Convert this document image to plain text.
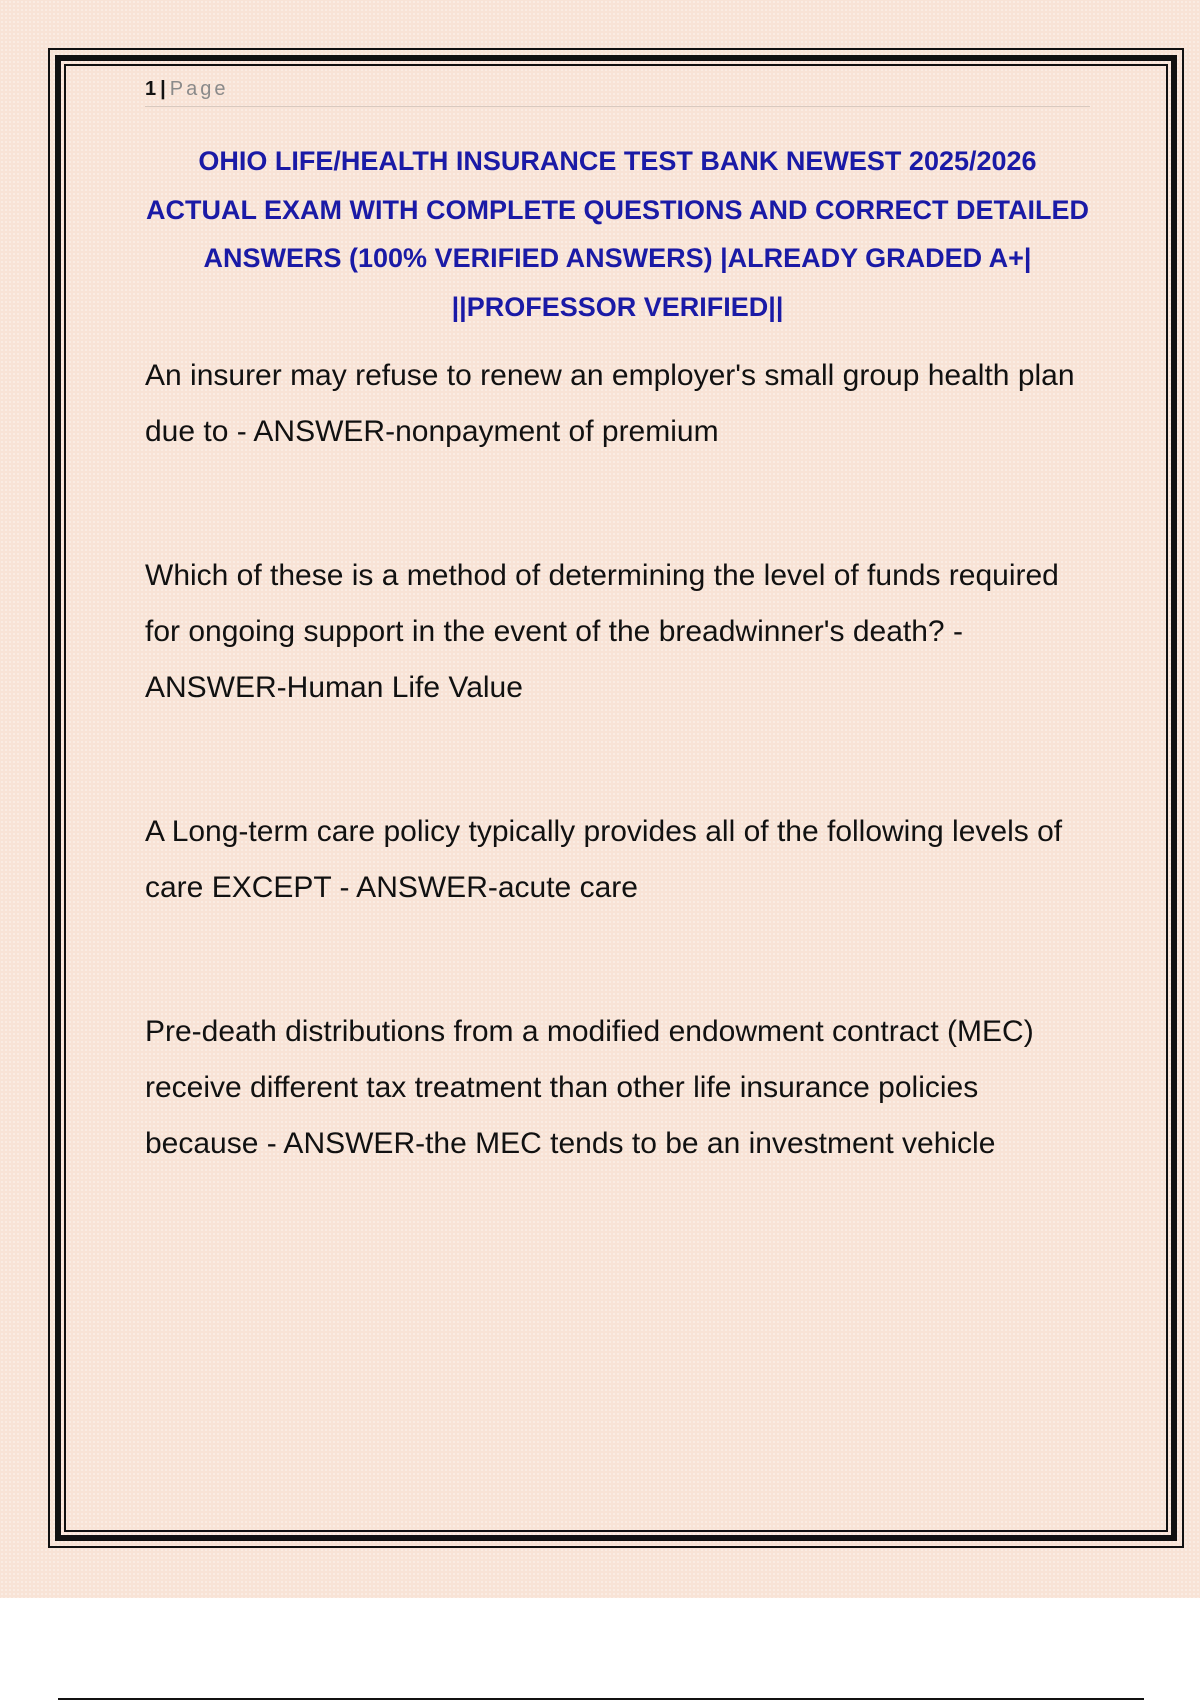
1 | Page
OHIO LIFE/HEALTH INSURANCE TEST BANK NEWEST 2025/2026 ACTUAL EXAM WITH COMPLETE QUESTIONS AND CORRECT DETAILED ANSWERS (100% VERIFIED ANSWERS) |ALREADY GRADED A+| ||PROFESSOR VERIFIED||

An insurer may refuse to renew an employer's small group health plan due to - ANSWER-nonpayment of premium

Which of these is a method of determining the level of funds required for ongoing support in the event of the breadwinner's death? - ANSWER-Human Life Value

A Long-term care policy typically provides all of the following levels of care EXCEPT - ANSWER-acute care

Pre-death distributions from a modified endowment contract (MEC) receive different tax treatment than other life insurance policies because - ANSWER-the MEC tends to be an investment vehicle
